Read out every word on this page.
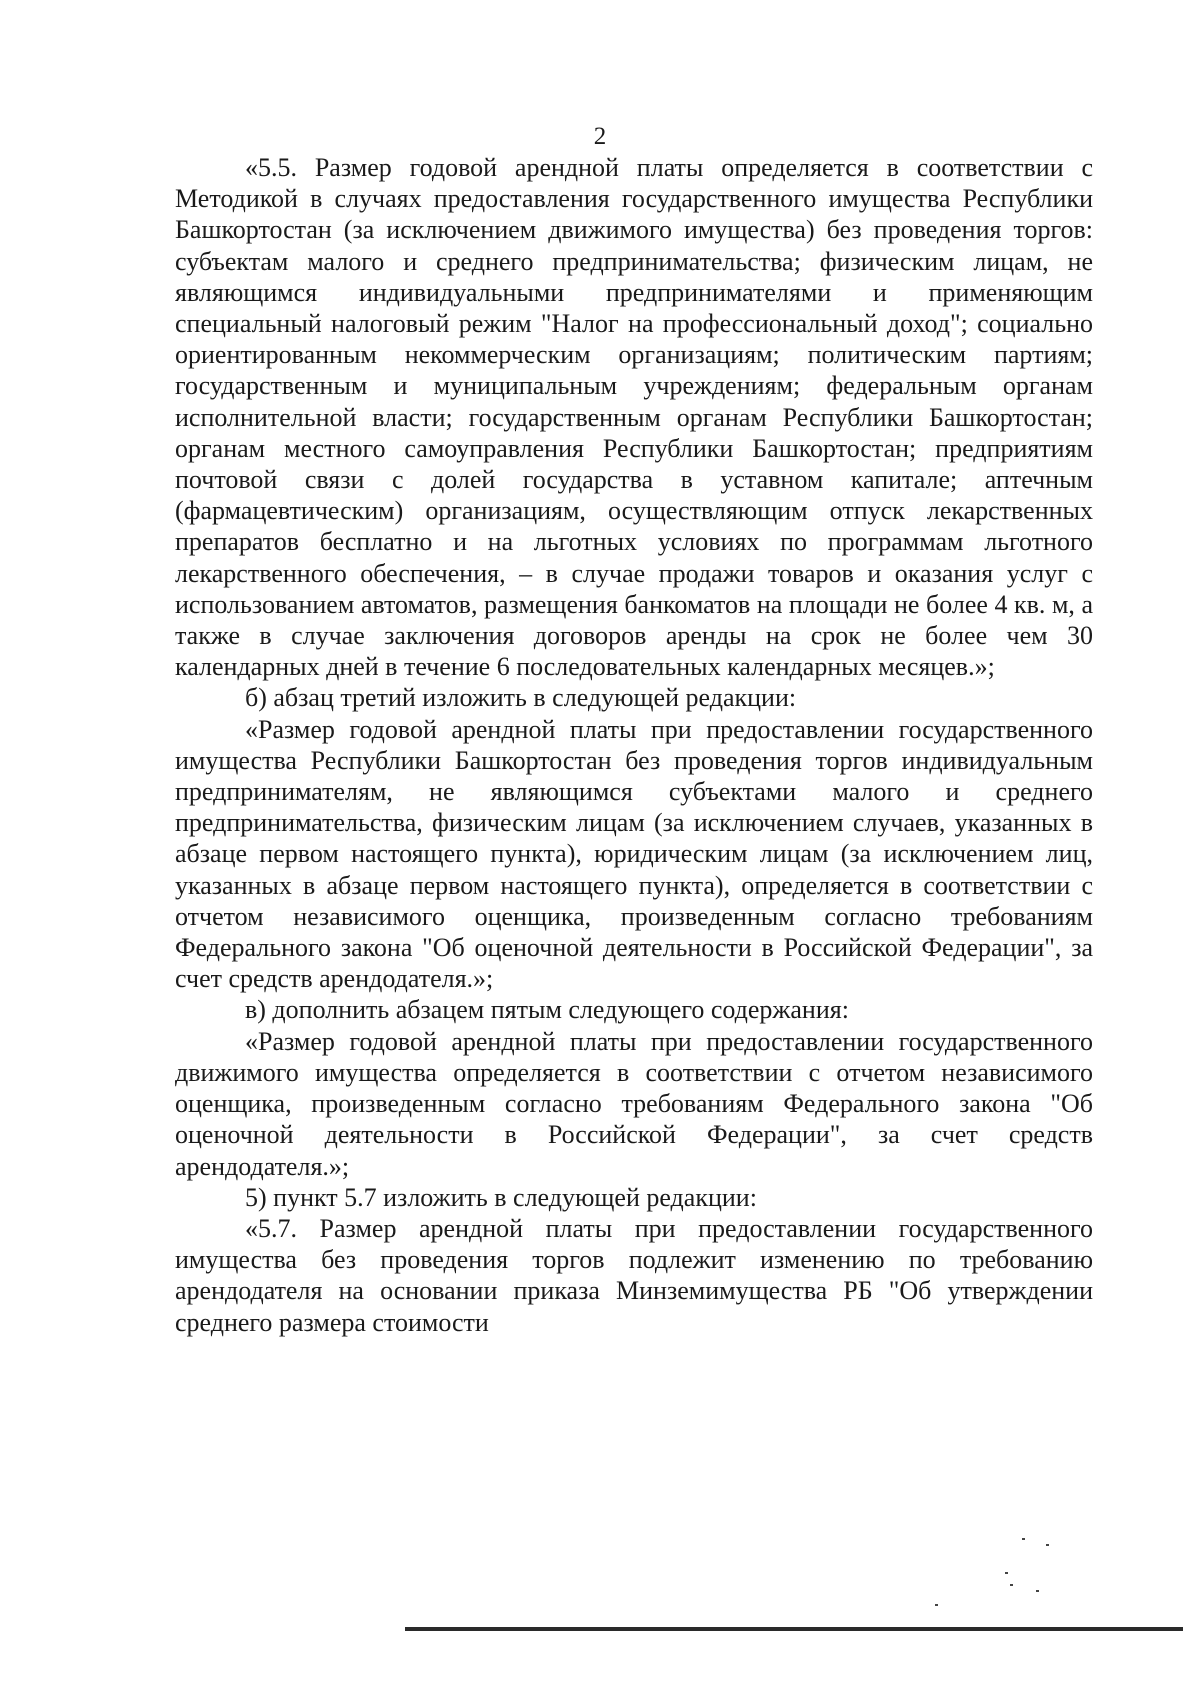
2

«5.5. Размер годовой арендной платы определяется в соответствии с Методикой в случаях предоставления государственного имущества Республики Башкортостан (за исключением движимого имущества) без проведения торгов: субъектам малого и среднего предпринимательства; физическим лицам, не являющимся индивидуальными предпринимателями и применяющим специальный налоговый режим "Налог на профессиональный доход"; социально ориентированным некоммерческим организациям; политическим партиям; государственным и муниципальным учреждениям; федеральным органам исполнительной власти; государственным органам Республики Башкортостан; органам местного самоуправления Республики Башкортостан; предприятиям почтовой связи с долей государства в уставном капитале; аптечным (фармацевтическим) организациям, осуществляющим отпуск лекарственных препаратов бесплатно и на льготных условиях по программам льготного лекарственного обеспечения, – в случае продажи товаров и оказания услуг с использованием автоматов, размещения банкоматов на площади не более 4 кв. м, а также в случае заключения договоров аренды на срок не более чем 30 календарных дней в течение 6 последовательных календарных месяцев.»;

б) абзац третий изложить в следующей редакции:

«Размер годовой арендной платы при предоставлении государственного имущества Республики Башкортостан без проведения торгов индивидуальным предпринимателям, не являющимся субъектами малого и среднего предпринимательства, физическим лицам (за исключением случаев, указанных в абзаце первом настоящего пункта), юридическим лицам (за исключением лиц, указанных в абзаце первом настоящего пункта), определяется в соответствии с отчетом независимого оценщика, произведенным согласно требованиям Федерального закона "Об оценочной деятельности в Российской Федерации", за счет средств арендодателя.»;

в) дополнить абзацем пятым следующего содержания:

«Размер годовой арендной платы при предоставлении государственного движимого имущества определяется в соответствии с отчетом независимого оценщика, произведенным согласно требованиям Федерального закона "Об оценочной деятельности в Российской Федерации", за счет средств арендодателя.»;

5) пункт 5.7 изложить в следующей редакции:

«5.7. Размер арендной платы при предоставлении государственного имущества без проведения торгов подлежит изменению по требованию арендодателя на основании приказа Минземимущества РБ "Об утверждении среднего размера стоимости
